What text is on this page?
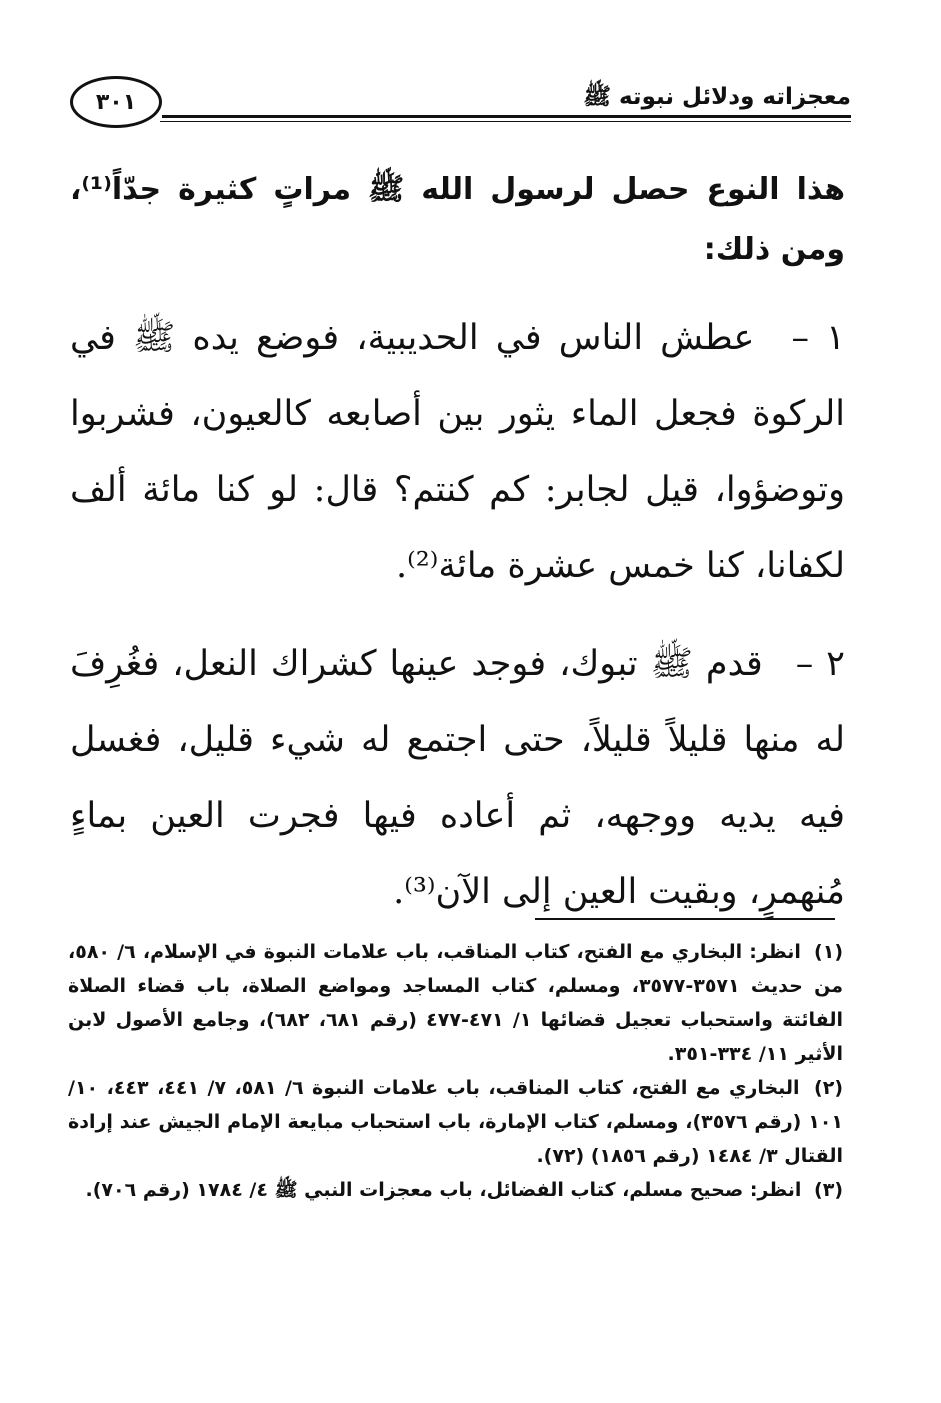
معجزاته ودلائل نبوته ﷺ
٣٠١

هذا النوع حصل لرسول الله ﷺ مراتٍ كثيرة جدّاً⁽¹⁾، ومن ذلك:

١ – عطش الناس في الحديبية، فوضع يده ﷺ في الركوة فجعل الماء يثور بين أصابعه كالعيون، فشربوا وتوضؤوا، قيل لجابر: كم كنتم؟ قال: لو كنا مائة ألف لكفانا، كنا خمس عشرة مائة⁽²⁾.

٢ – قدم ﷺ تبوك، فوجد عينها كشراك النعل، فغُرِفَ له منها قليلاً قليلاً، حتى اجتمع له شيء قليل، فغسل فيه يديه ووجهه، ثم أعاده فيها فجرت العين بماءٍ مُنهمرٍ، وبقيت العين إلى الآن⁽³⁾.

(١) انظر: البخاري مع الفتح، كتاب المناقب، باب علامات النبوة في الإسلام، ٦/ ٥٨٠، من حديث ٣٥٧١-٣٥٧٧، ومسلم، كتاب المساجد ومواضع الصلاة، باب قضاء الصلاة الفائتة واستحباب تعجيل قضائها ١/ ٤٧١-٤٧٧ (رقم ٦٨١، ٦٨٢)، وجامع الأصول لابن الأثير ١١/ ٣٣٤-٣٥١.

(٢) البخاري مع الفتح، كتاب المناقب، باب علامات النبوة ٦/ ٥٨١، ٧/ ٤٤١، ٤٤٣، ١٠/ ١٠١ (رقم ٣٥٧٦)، ومسلم، كتاب الإمارة، باب استحباب مبايعة الإمام الجيش عند إرادة القتال ٣/ ١٤٨٤ (رقم ١٨٥٦) (٧٢).

(٣) انظر: صحيح مسلم، كتاب الفضائل، باب معجزات النبي ﷺ ٤/ ١٧٨٤ (رقم ٧٠٦).
